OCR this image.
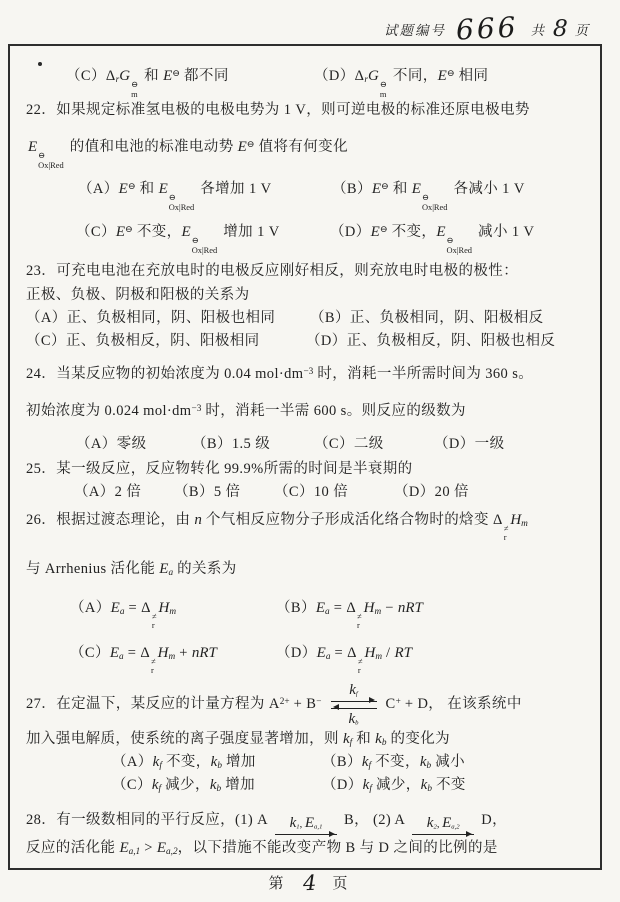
试题编号 666 共 8 页
（C）ΔrG
⊖
m
和 E⊖ 都不同	（D）ΔrG
⊖
m
不同，E⊖ 相同
22．如果规定标准氢电极的电极电势为 1 V，则可逆电极的标准还原电极电势
E
⊖
Ox|Red
的值和电池的标准电动势 E⊖ 值将有何变化
（A）E⊖ 和 E
⊖
Ox|Red
各增加 1 V	（B）E⊖ 和 E
⊖
Ox|Red
各减小 1 V
（C）E⊖ 不变，E
⊖
Ox|Red
增加 1 V	（D）E⊖ 不变，E
⊖
Ox|Red
减小 1 V
23．可充电电池在充放电时的电极反应刚好相反，则充放电时电极的极性：
正极、负极、阴极和阳极的关系为
（A）正、负极相同，阴、阳极也相同 （B）正、负极相同，阴、阳极相反
（C）正、负极相反，阴、阳极相同	（D）正、负极相反，阴、阳极也相反
24．当某反应物的初始浓度为 0.04 $mol\cdot dm^{-3}$ 时，消耗一半所需时间为 360 s。
初始浓度为 0.024 $mol\cdot dm^{-3}$ 时，消耗一半需 600 s。则反应的级数为
（A）零级	（B）1.5 级	（C）二级	（D）一级
25．某一级反应，反应物转化 99.9%所需的时间是半衰期的
（A）2 倍 （B）5 倍 （C）10 倍	（D）20 倍
26．根据过渡态理论，由 n 个气相反应物分子形成活化络合物时的焓变 Δ
≠
r
Hm
与 Arrhenius 活化能 Ea 的关系为
（A）Ea = Δ
≠
r
Hm	（B）Ea = Δ
≠
r
Hm − nRT
（C）Ea = Δ
≠
r
Hm + nRT	（D）Ea = Δ
≠
r
Hm / RT
27．在定温下，某反应的计量方程为 $A^{2+} + B^- \frac{kf}{kb} C^+ + D$， 在该系统中
加入强电解质，使系统的离子强度显著增加，则 kf 和 kb 的变化为
（A）kf 不变，kb 增加	（B）kf 不变，kb 减小
（C）kf 减少，kb 增加	（D）kf 减少，kb 不变
28．有一级数相同的平行反应，(1) A k1, Ea,1 B， (2) A k2, Ea,2 D，
反应的活化能 Ea,1 > Ea,2，以下措施不能改变产物 B 与 D 之间的比例的是
第 4 页
